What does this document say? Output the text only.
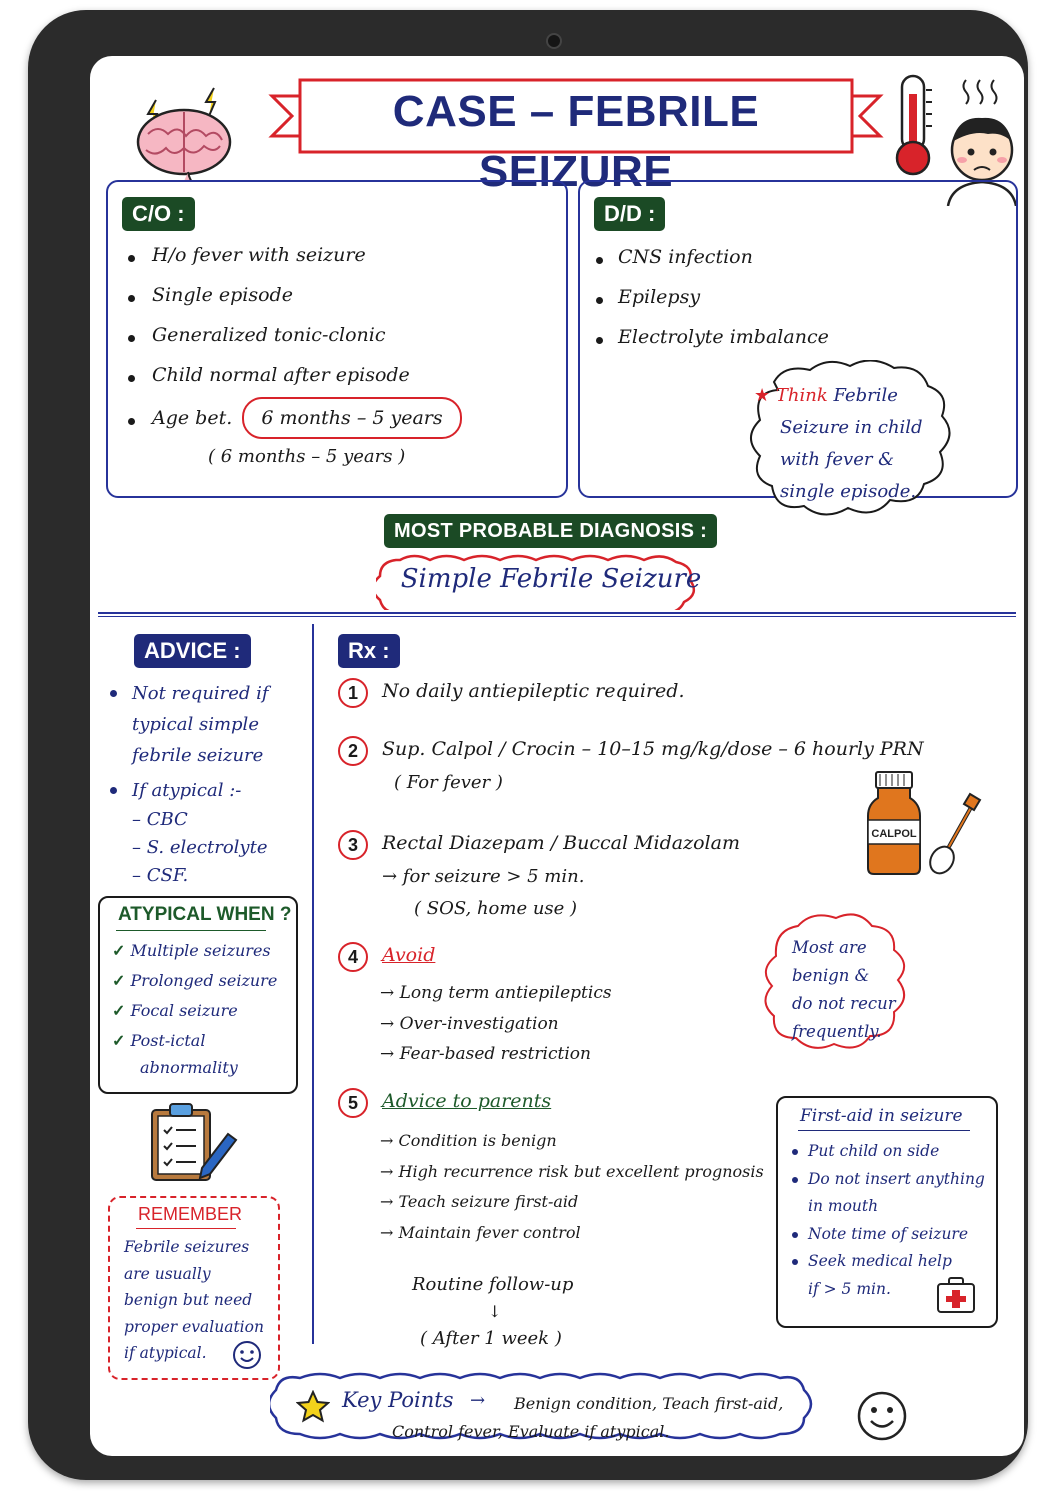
CASE – FEBRILE SEIZURE
C/O :
H/o fever with seizure
Single episode
Generalized tonic-clonic
Child normal after episode
Age bet.	6 months – 5 years
( 6 months – 5 years )
D/D :
CNS infection
Epilepsy
Electrolyte imbalance
★ Think Febrile
Seizure in child
with fever &
single episode.
MOST PROBABLE DIAGNOSIS :
Simple Febrile Seizure
ADVICE :
Not required if
typical simple
febrile seizure
If atypical :-
– CBC
– S. electrolyte
– CSF.
ATYPICAL WHEN ?
✓ Multiple seizures
✓ Prolonged seizure
✓ Focal seizure
✓ Post-ictal
abnormality
REMEMBER
Febrile seizures
are usually
benign but need
proper evaluation
if atypical.
Rx :
1	No daily antiepileptic required.
2	Sup. Calpol / Crocin – 10–15 mg/kg/dose – 6 hourly PRN
( For fever )
CALPOL
3	Rectal Diazepam / Buccal Midazolam
→ for seizure > 5 min.
( SOS, home use )
4	Avoid
→ Long term antiepileptics
→ Over-investigation
→ Fear-based restriction
Most are
benign &
do not recur
frequently.
5	Advice to parents
→ Condition is benign
→ High recurrence risk but excellent prognosis
→ Teach seizure first-aid
→ Maintain fever control
Routine follow-up
↓
( After 1 week )
First-aid in seizure
Put child on side
Do not insert anything
in mouth
Note time of seizure
Seek medical help
if > 5 min.
Key Points → Benign condition, Teach first-aid,
Control fever, Evaluate if atypical.
